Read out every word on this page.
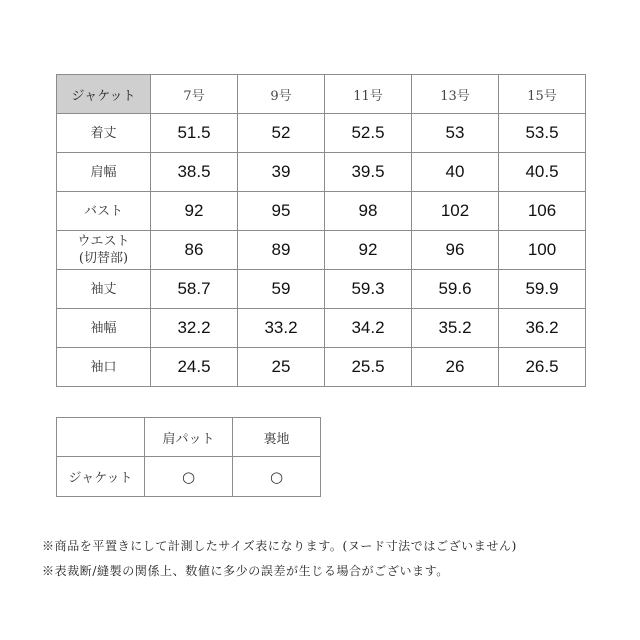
ジャケット	7号	9号	11号	13号	15号
着丈	51.5	52	52.5	53	53.5
肩幅	38.5	39	39.5	40	40.5
バスト	92	95	98	102	106
ウエスト
(切替部)	86	89	92	96	100
袖丈	58.7	59	59.3	59.6	59.9
袖幅	32.2	33.2	34.2	35.2	36.2
袖口	24.5	25	25.5	26	26.5
	肩パット	裏地
ジャケット	○	○
※商品を平置きにして計測したサイズ表になります。(ヌード寸法ではございません)
※表裁断/縫製の関係上、数値に多少の誤差が生じる場合がございます。
